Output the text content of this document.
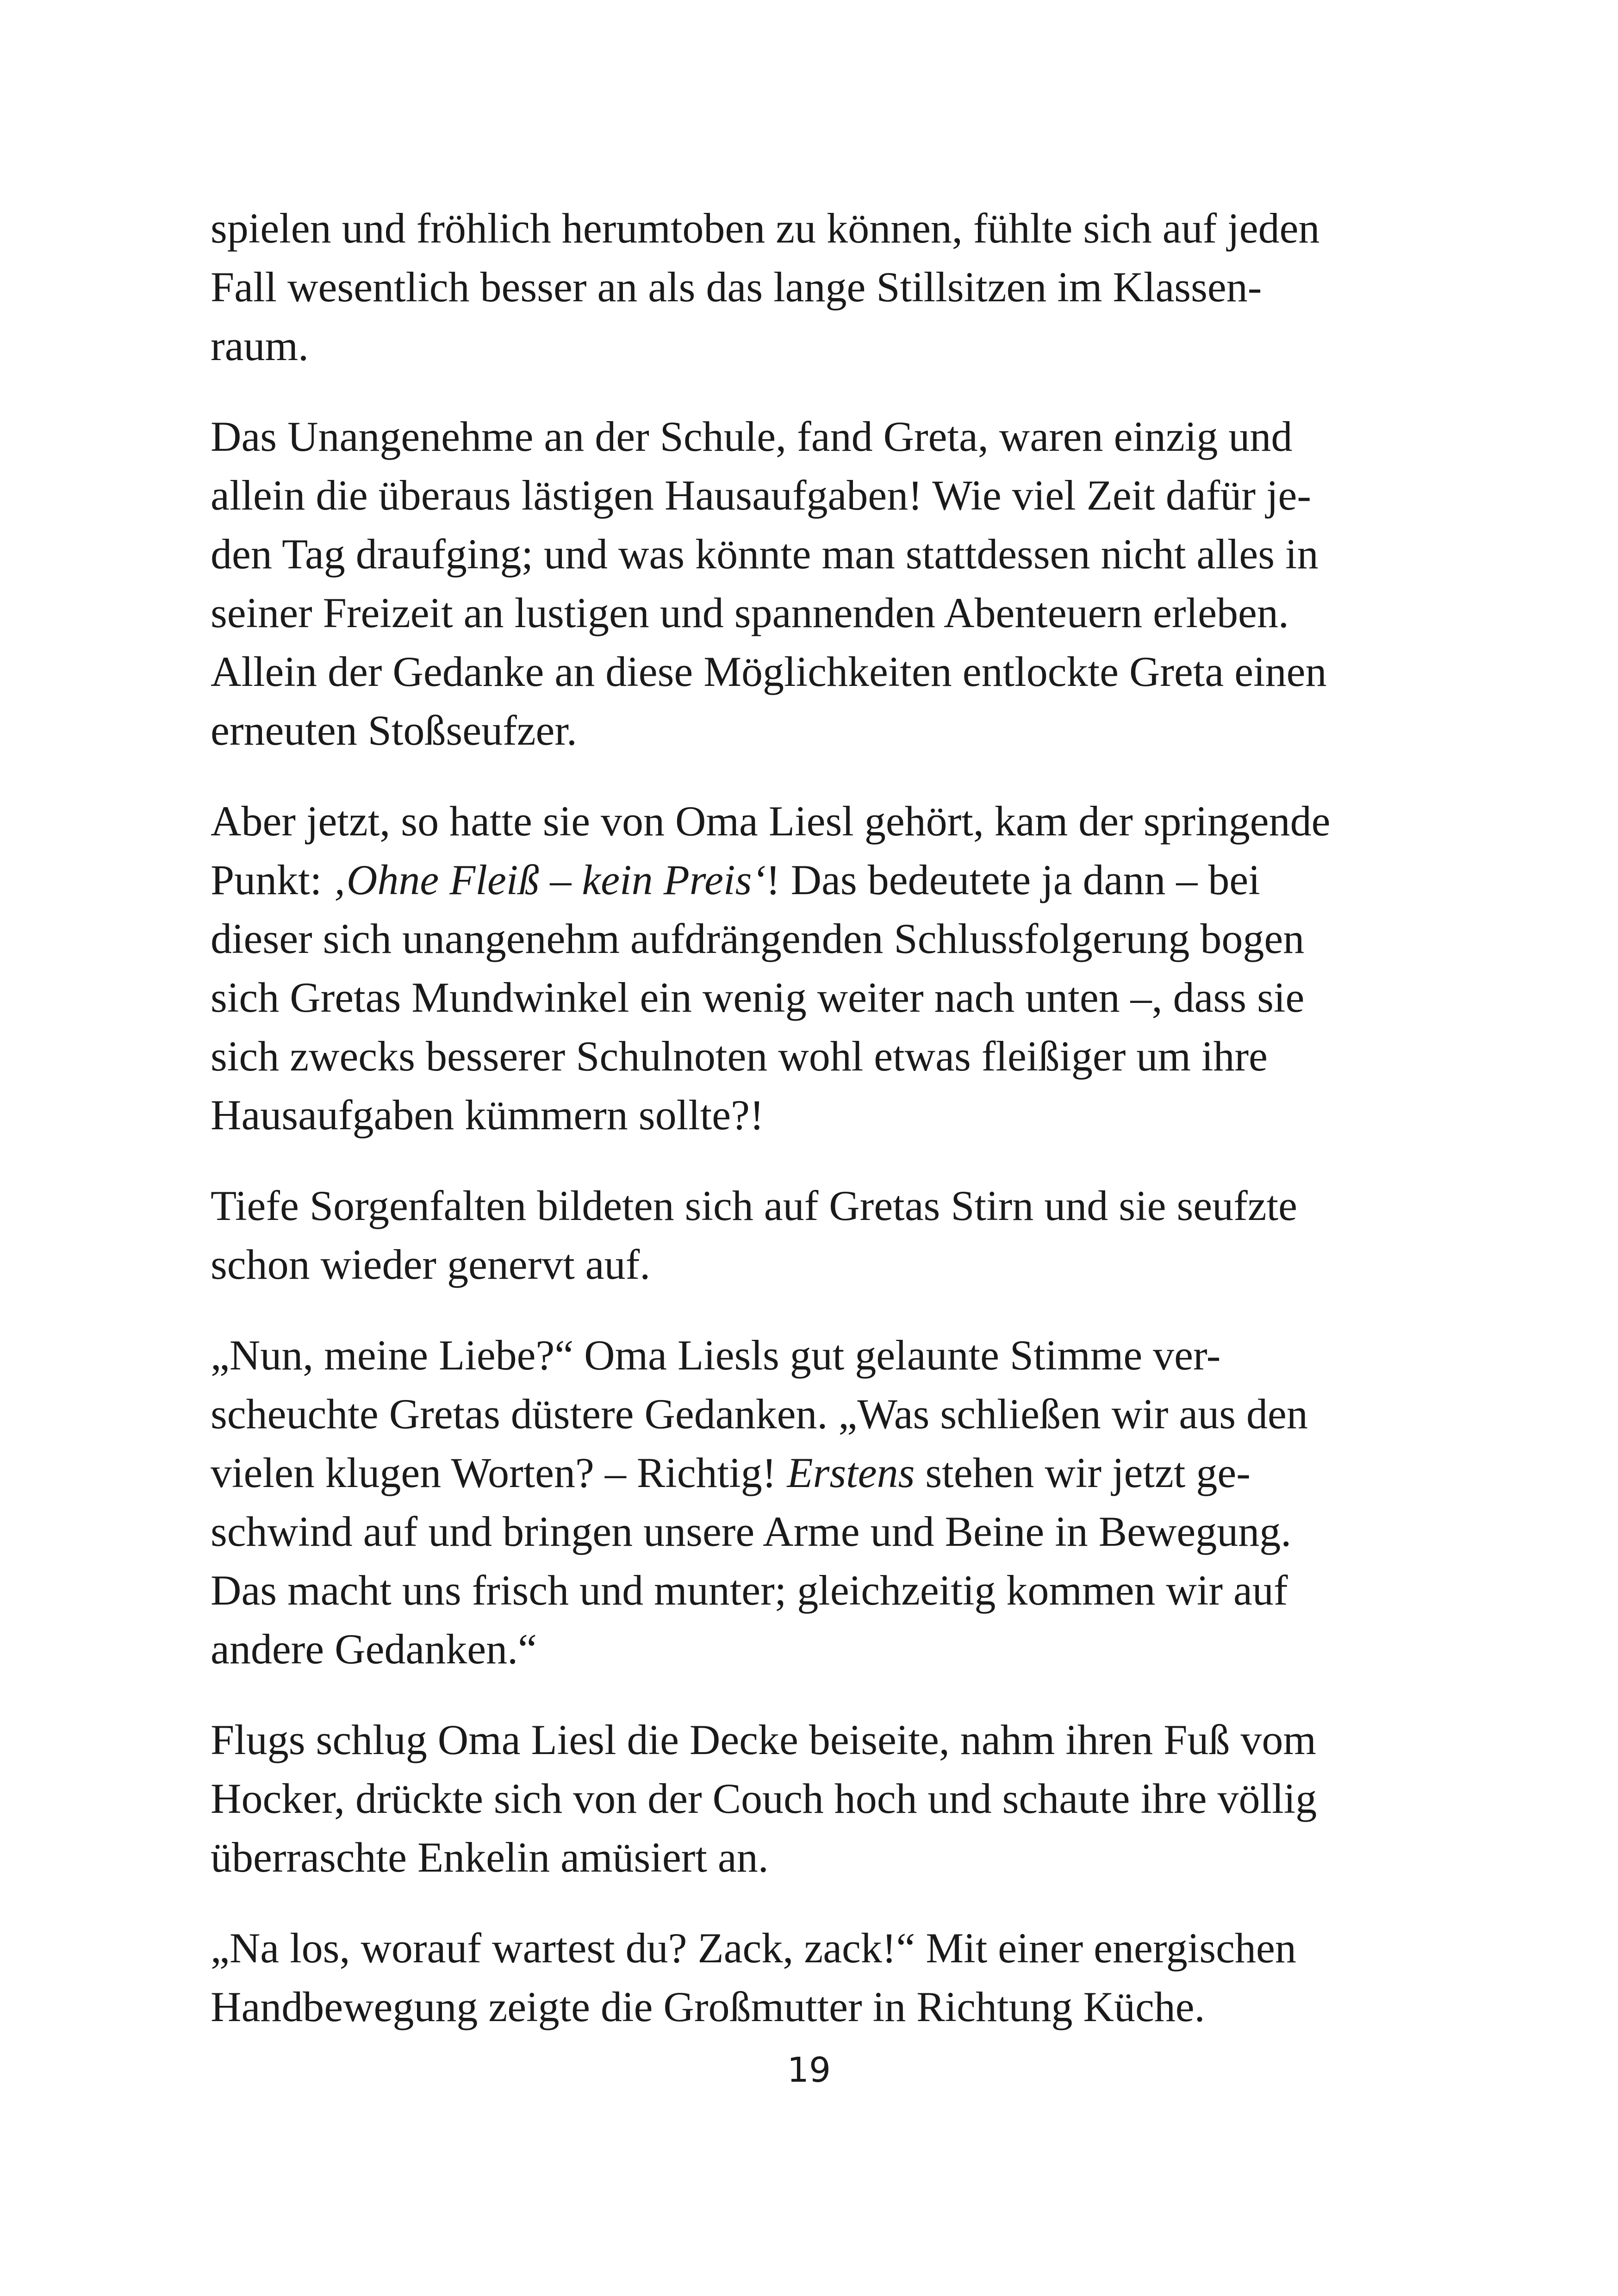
spielen und fröhlich herumtoben zu können, fühlte sich auf jeden
Fall wesentlich besser an als das lange Stillsitzen im Klassen-
raum.

Das Unangenehme an der Schule, fand Greta, waren einzig und
allein die überaus lästigen Hausaufgaben! Wie viel Zeit dafür je-
den Tag draufging; und was könnte man stattdessen nicht alles in
seiner Freizeit an lustigen und spannenden Abenteuern erleben.
Allein der Gedanke an diese Möglichkeiten entlockte Greta einen
erneuten Stoßseufzer.

Aber jetzt, so hatte sie von Oma Liesl gehört, kam der springende
Punkt: ‚Ohne Fleiß – kein Preis‘! Das bedeutete ja dann – bei
dieser sich unangenehm aufdrängenden Schlussfolgerung bogen
sich Gretas Mundwinkel ein wenig weiter nach unten –, dass sie
sich zwecks besserer Schulnoten wohl etwas fleißiger um ihre
Hausaufgaben kümmern sollte?!

Tiefe Sorgenfalten bildeten sich auf Gretas Stirn und sie seufzte
schon wieder genervt auf.

„Nun, meine Liebe?“ Oma Liesls gut gelaunte Stimme ver-
scheuchte Gretas düstere Gedanken. „Was schließen wir aus den
vielen klugen Worten? – Richtig! Erstens stehen wir jetzt ge-
schwind auf und bringen unsere Arme und Beine in Bewegung.
Das macht uns frisch und munter; gleichzeitig kommen wir auf
andere Gedanken.“

Flugs schlug Oma Liesl die Decke beiseite, nahm ihren Fuß vom
Hocker, drückte sich von der Couch hoch und schaute ihre völlig
überraschte Enkelin amüsiert an.

„Na los, worauf wartest du? Zack, zack!“ Mit einer energischen
Handbewegung zeigte die Großmutter in Richtung Küche.

19
